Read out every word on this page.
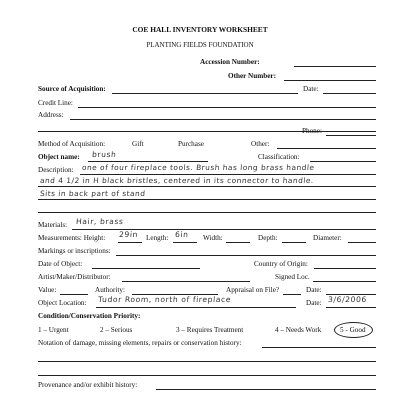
COE HALL INVENTORY WORKSHEET
PLANTING FIELDS FOUNDATION
Accession Number:
Other Number:
Source of Acquisition:	Date:
Credit Line:
Address:
Phone:
Method of Acquisition:	Gift	Purchase	Other:
Object name: brush	Classification:
Description: one of four fireplace tools. Brush has long brass handle
and 4 1/2 in H black bristles, centered in its connector to handle.
Sits in back part of stand
Materials: Hair, brass
Measurements: Height: 29in Length: 6in Width:	Depth:	Diameter:
Markings or inscriptions:
Date of Object:	Country of Origin:
Artist/Maker/Distributor:	Signed Loc.
Value:	Authority:	Appraisal on File?	Date:
Object Location: Tudor Room, north of fireplace	Date: 3/6/2006
Condition/Conservation Priority:
1 – Urgent	2 – Serious	3 – Requires Treatment	4 – Needs Work	5 - Good
Notation of damage, missing elements, repairs or conservation history:
Provenance and/or exhibit history:
